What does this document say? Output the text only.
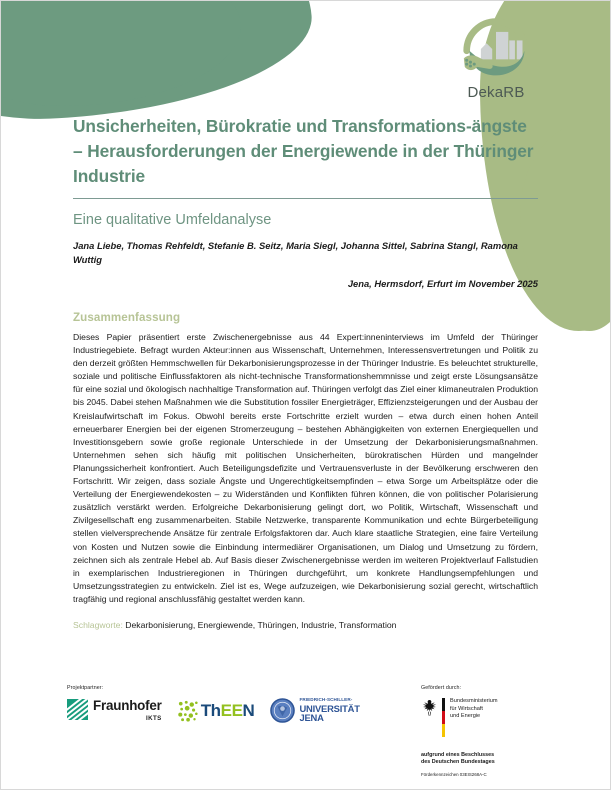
DekaRB
Unsicherheiten, Bürokratie und Transformations-ängste – Herausforderungen der Energiewende in der Thüringer Industrie
Eine qualitative Umfeldanalyse

Jana Liebe, Thomas Rehfeldt, Stefanie B. Seitz, Maria Siegl, Johanna Sittel, Sabrina Stangl, Ramona Wuttig

Jena, Hermsdorf, Erfurt im November 2025

Zusammenfassung

Dieses Papier präsentiert erste Zwischenergebnisse aus 44 Expert:inneninterviews im Umfeld der Thüringer Industriegebiete. Befragt wurden Akteur:innen aus Wissenschaft, Unternehmen, Interessensvertretungen und Politik zu den derzeit größten Hemmschwellen für Dekarbonisierungsprozesse in der Thüringer Industrie. Es beleuchtet strukturelle, soziale und politische Einflussfaktoren als nicht-technische Transformationshemmnisse und zeigt erste Lösungsansätze für eine sozial und ökologisch nachhaltige Transformation auf. Thüringen verfolgt das Ziel einer klimaneutralen Produktion bis 2045. Dabei stehen Maßnahmen wie die Substitution fossiler Energieträger, Effizienzsteigerungen und der Ausbau der Kreislaufwirtschaft im Fokus. Obwohl bereits erste Fortschritte erzielt wurden – etwa durch einen hohen Anteil erneuerbarer Energien bei der eigenen Stromerzeugung – bestehen Abhängigkeiten von externen Energiequellen und Investitionsgebern sowie große regionale Unterschiede in der Umsetzung der Dekarbonisierungsmaßnahmen. Unternehmen sehen sich häufig mit politischen Unsicherheiten, bürokratischen Hürden und mangelnder Planungssicherheit konfrontiert. Auch Beteiligungsdefizite und Vertrauensverluste in der Bevölkerung erschweren den Fortschritt. Wir zeigen, dass soziale Ängste und Ungerechtigkeitsempfinden – etwa Sorge um Arbeitsplätze oder die Verteilung der Energiewendekosten – zu Widerständen und Konflikten führen können, die von politischer Polarisierung zusätzlich verstärkt werden. Erfolgreiche Dekarbonisierung gelingt dort, wo Politik, Wirtschaft, Wissenschaft und Zivilgesellschaft eng zusammenarbeiten. Stabile Netzwerke, transparente Kommunikation und echte Bürgerbeteiligung stellen vielversprechende Ansätze für zentrale Erfolgsfaktoren dar. Auch klare staatliche Strategien, eine faire Verteilung von Kosten und Nutzen sowie die Einbindung intermediärer Organisationen, um Dialog und Umsetzung zu fördern, zeichnen sich als zentrale Hebel ab. Auf Basis dieser Zwischenergebnisse werden im weiteren Projektverlauf Fallstudien in exemplarischen Industrieregionen in Thüringen durchgeführt, um konkrete Handlungsempfehlungen und Umsetzungsstrategien zu entwickeln. Ziel ist es, Wege aufzuzeigen, wie Dekarbonisierung sozial gerecht, wirtschaftlich tragfähig und regional anschlussfähig gestaltet werden kann.

Schlagworte: Dekarbonisierung, Energiewende, Thüringen, Industrie, Transformation

Projektpartner:

Fraunhofer
IKTS ThEEN
FRIEDRICH-SCHILLER-
UNIVERSITÄT
JENA

Gefördert durch:

Bundesministerium
für Wirtschaft
und Energie
aufgrund eines Beschlusses
des Deutschen Bundestages
Förderkennzeichen 03EIS268A-C
